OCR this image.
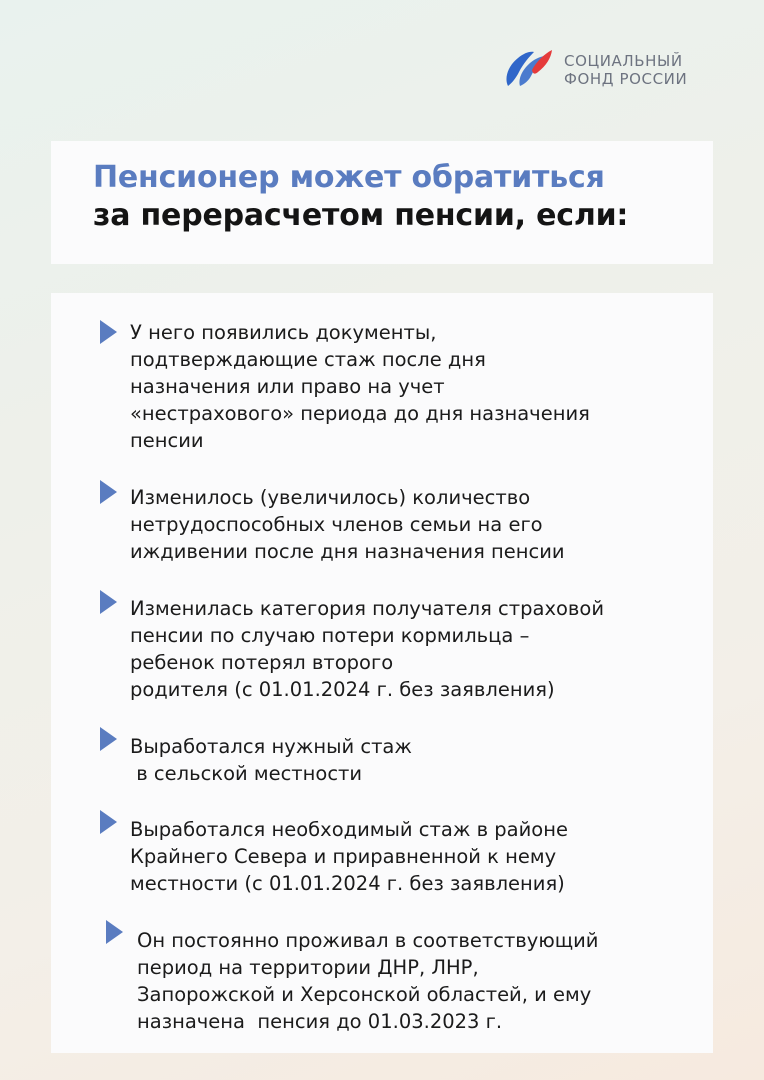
СОЦИАЛЬНЫЙ
ФОНД РОССИИ
Пенсионер может обратиться
за перерасчетом пенсии, если:
У него появились документы,
подтверждающие стаж после дня
назначения или право на учет
«нестрахового» периода до дня назначения
пенсии
Изменилось (увеличилось) количество
нетрудоспособных членов семьи на его
иждивении после дня назначения пенсии
Изменилась категория получателя страховой
пенсии по случаю потери кормильца –
ребенок потерял второго
родителя (с 01.01.2024 г. без заявления)
Выработался нужный стаж
в сельской местности
Выработался необходимый стаж в районе
Крайнего Севера и приравненной к нему
местности (с 01.01.2024 г. без заявления)
Он постоянно проживал в соответствующий
период на территории ДНР, ЛНР,
Запорожской и Херсонской областей, и ему
назначена  пенсия до 01.03.2023 г.
